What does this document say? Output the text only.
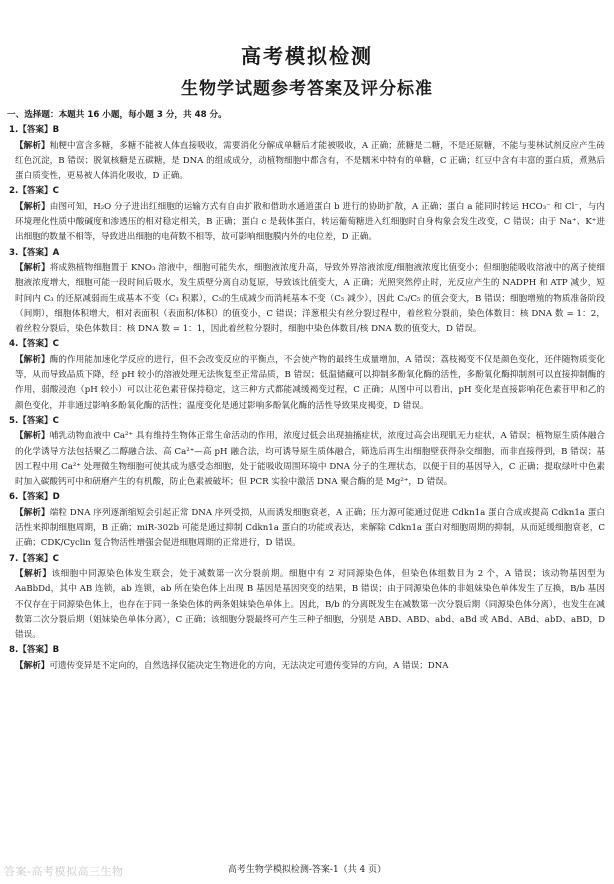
高考模拟检测
生物学试题参考答案及评分标准

一、选择题：本题共 16 小题，每小题 3 分，共 48 分。

1.【答案】B

【解析】籼粳中富含多糖，多糖不能被人体直接吸收，需要消化分解成单糖后才能被吸收，A 正确；蔗糖是二糖，不是还原糖，不能与斐林试剂反应产生砖红色沉淀，B 错误；脱氧核糖是五碳糖，是 DNA 的组成成分，动植物细胞中都含有，不是糯米中特有的单糖，C 正确；红豆中含有丰富的蛋白质，煮熟后蛋白质变性，更易被人体消化吸收，D 正确。

2.【答案】C

【解析】由图可知，H₂O 分子进出红细胞的运输方式有自由扩散和借助水通道蛋白 b 进行的协助扩散，A 正确；蛋白 a 能同时转运 HCO₃⁻ 和 Cl⁻，与内环境理化性质中酸碱度和渗透压的相对稳定相关，B 正确；蛋白 c 是载体蛋白，转运葡萄糖进入红细胞时自身构象会发生改变，C 错误；由于 Na⁺、K⁺进出细胞的数量不相等，导致进出细胞的电荷数不相等，故可影响细胞膜内外的电位差，D 正确。

3.【答案】A

【解析】将成熟植物细胞置于 KNO₃ 溶液中，细胞可能失水，细胞液浓度升高，导致外界溶液浓度/细胞液浓度比值变小；但细胞能吸收溶液中的离子使细胞液浓度增大，细胞可能一段时间后吸水，发生质壁分离自动复原，导致该比值变大，A 正确；光照突然停止时，光反应产生的 NADPH 和 ATP 减少，短时间内 C₃ 的还原减弱而生成基本不变（C₃ 积累），C₅的生成减少而消耗基本不变（C₅ 减少），因此 C₃/C₅ 的值会变大，B 错误；细胞增殖的物质准备阶段（间期），细胞体积增大，相对表面积（表面积/体积）的值变小，C 错误；洋葱根尖有丝分裂过程中，着丝粒分裂前，染色体数目：核 DNA 数 = 1：2，着丝粒分裂后，染色体数目：核 DNA 数 = 1：1，因此着丝粒分裂时，细胞中染色体数目/核 DNA 数的值变大，D 错误。

4.【答案】C

【解析】酶的作用能加速化学反应的进行，但不会改变反应的平衡点，不会使产物的最终生成量增加，A 错误；荔枝褐变不仅是颜色变化，还伴随物质变化等，从而导致品质下降，经 pH 较小的溶液处理无法恢复至正常品质，B 错误；低温储藏可以抑制多酚氧化酶的活性，多酚氧化酶抑制剂可以直接抑制酶的作用，弱酸浸泡（pH 较小）可以让花色素苷保持稳定，这三种方式都能减缓褐变过程，C 正确；从图中可以看出，pH 变化是直接影响花色素苷甲和乙的颜色变化，并非通过影响多酚氧化酶的活性；温度变化是通过影响多酚氧化酶的活性导致果皮褐变，D 错误。

5.【答案】C

【解析】哺乳动物血液中 Ca²⁺ 具有维持生物体正常生命活动的作用，浓度过低会出现抽搐症状，浓度过高会出现肌无力症状，A 错误；植物原生质体融合的化学诱导方法包括聚乙二醇融合法、高 Ca²⁺—高 pH 融合法，均可诱导原生质体融合，筛选后再生出细胞壁获得杂交细胞，而非直接得到，B 错误；基因工程中用 Ca²⁺ 处理微生物细胞可使其成为感受态细胞，处于能吸收周围环境中 DNA 分子的生理状态，以便于目的基因导入，C 正确；提取绿叶中色素时加入碳酸钙可中和研磨产生的有机酸，防止色素被破坏；但 PCR 实验中激活 DNA 聚合酶的是 Mg²⁺，D 错误。

6.【答案】D

【解析】端粒 DNA 序列逐渐缩短会引起正常 DNA 序列受损，从而诱发细胞衰老，A 正确；压力源可能通过促进 Cdkn1a 蛋白合成或提高 Cdkn1a 蛋白活性来抑制细胞周期，B 正确；miR-302b 可能是通过抑制 Cdkn1a 蛋白的功能或表达，来解除 Cdkn1a 蛋白对细胞周期的抑制，从而延缓细胞衰老，C 正确；CDK/Cyclin 复合物活性增强会促进细胞周期的正常进行，D 错误。

7.【答案】C

【解析】该细胞中同源染色体发生联会，处于减数第一次分裂前期。细胞中有 2 对同源染色体，但染色体组数目为 2 个，A 错误；该动物基因型为 AaBbDd，其中 AB 连锁，ab 连锁，ab 所在染色体上出现 B 基因是基因突变的结果，B 错误；由于同源染色体的非姐妹染色单体发生了互换，B/b 基因不仅存在于同源染色体上，也存在于同一条染色体的两条姐妹染色单体上。因此，B/b 的分离既发生在减数第一次分裂后期（同源染色体分离），也发生在减数第二次分裂后期（姐妹染色单体分离），C 正确；该细胞分裂最终可产生三种子细胞，分别是 ABD、ABD、abd、aBd 或 ABd、ABd、abD、aBD，D 错误。

8.【答案】B

【解析】可遗传变异是不定向的，自然选择仅能决定生物进化的方向，无法决定可遗传变异的方向，A 错误；DNA

高考生物学模拟检测-答案-1（共 4 页）
答案-高考模拟高三生物
